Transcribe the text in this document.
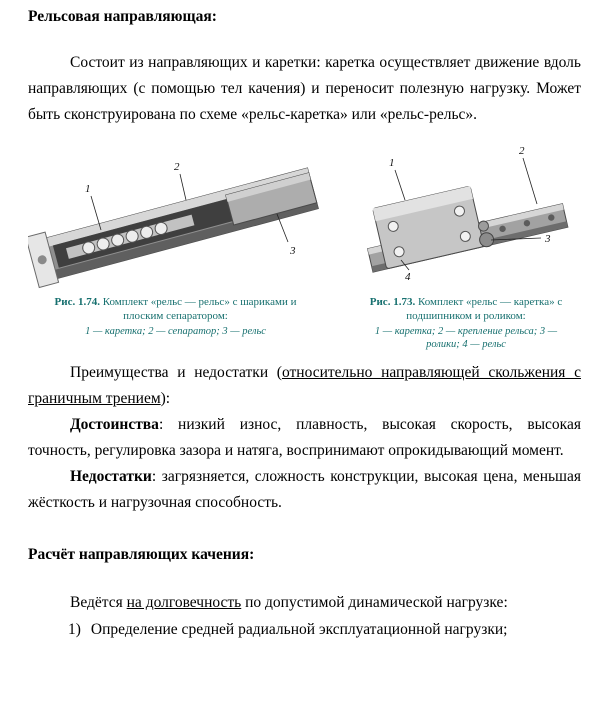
Рельсовая направляющая:

Состоит из направляющих и каретки: каретка осуществляет движение вдоль направляющих (с помощью тел качения) и переносит полезную нагрузку. Может быть сконструирована по схеме «рельс-каретка» или «рельс-рельс».

1
2
3
Рис. 1.74. Комплект «рельс — рельс» с шариками и плоским сепаратором:
1 — каретка; 2 — сепаратор; 3 — рельс
1
2
3
4
Рис. 1.73. Комплект «рельс — каретка» с подшипником и роликом:
1 — каретка; 2 — крепление рельса; 3 — ролики; 4 — рельс

Преимущества и недостатки (относительно направляющей скольжения с граничным трением):

Достоинства: низкий износ, плавность, высокая скорость, высокая точность, регулировка зазора и натяга, воспринимают опрокидывающий момент.

Недостатки: загрязняется, сложность конструкции, высокая цена, меньшая жёсткость и нагрузочная способность.

Расчёт направляющих качения:

Ведётся на долговечность по допустимой динамической нагрузке:

1) Определение средней радиальной эксплуатационной нагрузки;
